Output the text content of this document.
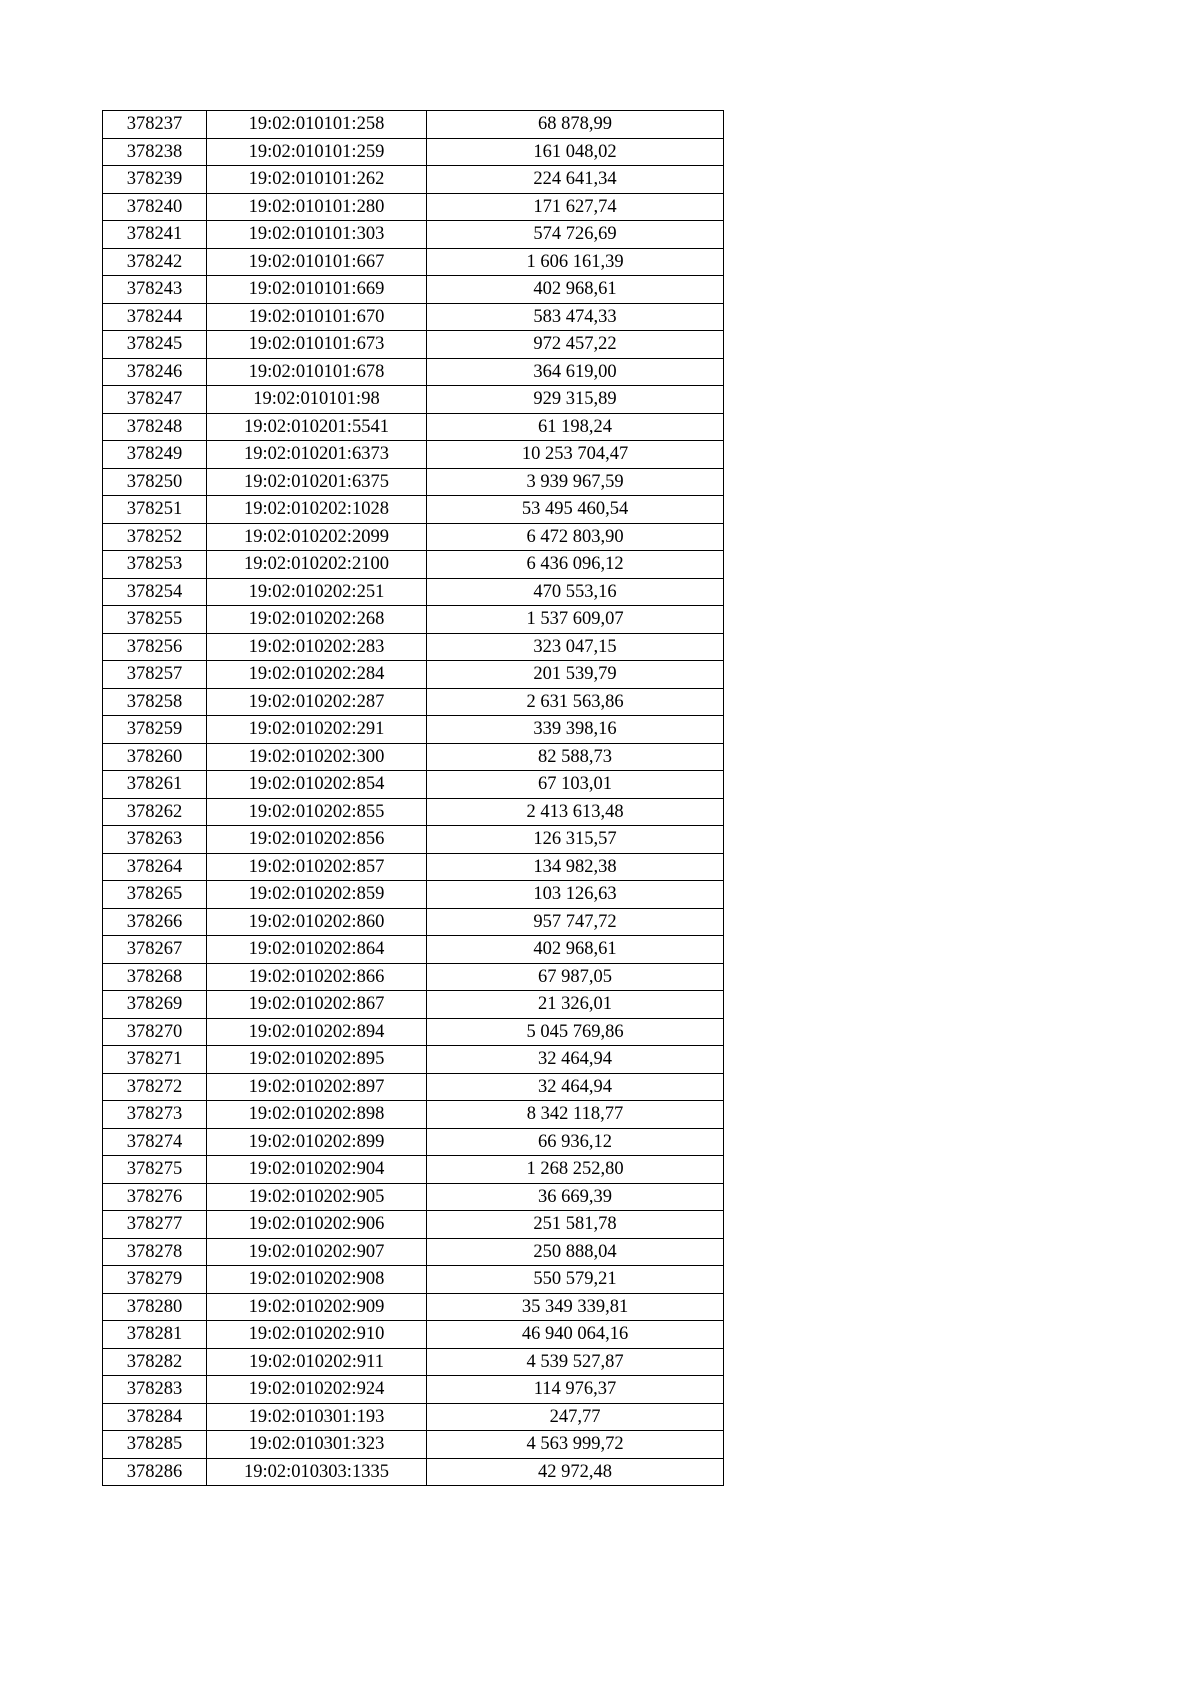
378237	19:02:010101:258	68 878,99
378238	19:02:010101:259	161 048,02
378239	19:02:010101:262	224 641,34
378240	19:02:010101:280	171 627,74
378241	19:02:010101:303	574 726,69
378242	19:02:010101:667	1 606 161,39
378243	19:02:010101:669	402 968,61
378244	19:02:010101:670	583 474,33
378245	19:02:010101:673	972 457,22
378246	19:02:010101:678	364 619,00
378247	19:02:010101:98	929 315,89
378248	19:02:010201:5541	61 198,24
378249	19:02:010201:6373	10 253 704,47
378250	19:02:010201:6375	3 939 967,59
378251	19:02:010202:1028	53 495 460,54
378252	19:02:010202:2099	6 472 803,90
378253	19:02:010202:2100	6 436 096,12
378254	19:02:010202:251	470 553,16
378255	19:02:010202:268	1 537 609,07
378256	19:02:010202:283	323 047,15
378257	19:02:010202:284	201 539,79
378258	19:02:010202:287	2 631 563,86
378259	19:02:010202:291	339 398,16
378260	19:02:010202:300	82 588,73
378261	19:02:010202:854	67 103,01
378262	19:02:010202:855	2 413 613,48
378263	19:02:010202:856	126 315,57
378264	19:02:010202:857	134 982,38
378265	19:02:010202:859	103 126,63
378266	19:02:010202:860	957 747,72
378267	19:02:010202:864	402 968,61
378268	19:02:010202:866	67 987,05
378269	19:02:010202:867	21 326,01
378270	19:02:010202:894	5 045 769,86
378271	19:02:010202:895	32 464,94
378272	19:02:010202:897	32 464,94
378273	19:02:010202:898	8 342 118,77
378274	19:02:010202:899	66 936,12
378275	19:02:010202:904	1 268 252,80
378276	19:02:010202:905	36 669,39
378277	19:02:010202:906	251 581,78
378278	19:02:010202:907	250 888,04
378279	19:02:010202:908	550 579,21
378280	19:02:010202:909	35 349 339,81
378281	19:02:010202:910	46 940 064,16
378282	19:02:010202:911	4 539 527,87
378283	19:02:010202:924	114 976,37
378284	19:02:010301:193	247,77
378285	19:02:010301:323	4 563 999,72
378286	19:02:010303:1335	42 972,48
